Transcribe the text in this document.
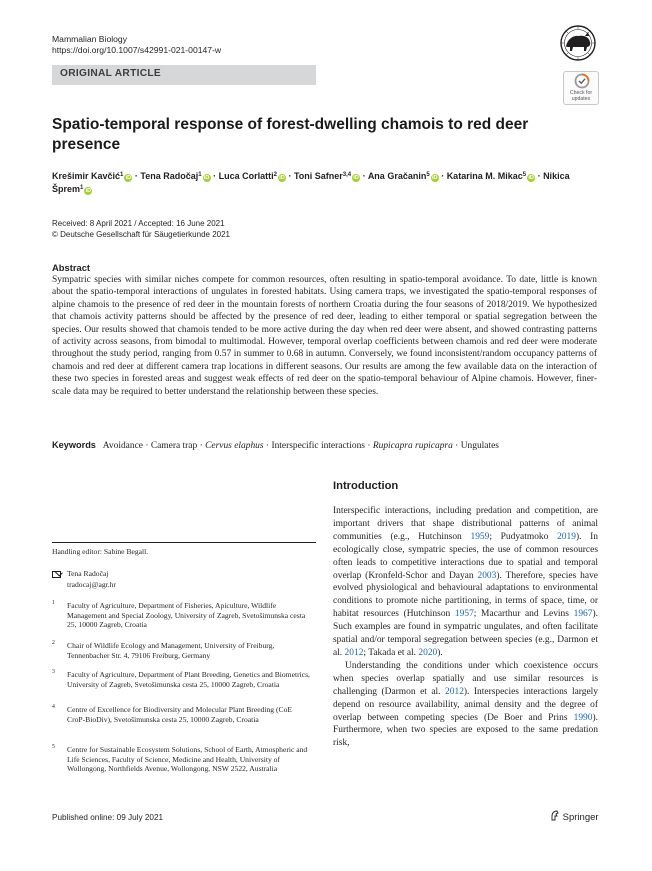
Mammalian Biology
https://doi.org/10.1007/s42991-021-00147-w
ORIGINAL ARTICLE
Check for updates
Spatio-temporal response of forest-dwelling chamois to red deer presence
Krešimir Kavčić$^1$ iD · Tena Radočaj$^1$ iD · Luca Corlatti$^2$ iD · Toni Safner$^{3,4}$ iD · Ana Gračanin$^5$ iD · Katarina M. Mikac$^5$ iD · Nikica Šprem$^1$ iD
Received: 8 April 2021 / Accepted: 16 June 2021
© Deutsche Gesellschaft für Säugetierkunde 2021
Abstract

Sympatric species with similar niches compete for common resources, often resulting in spatio-temporal avoidance. To date, little is known about the spatio-temporal interactions of ungulates in forested habitats. Using camera traps, we investigated the spatio-temporal responses of alpine chamois to the presence of red deer in the mountain forests of northern Croatia during the four seasons of 2018/2019. We hypothesized that chamois activity patterns should be affected by the presence of red deer, leading to either temporal or spatial segregation between the species. Our results showed that chamois tended to be more active during the day when red deer were absent, and showed contrasting patterns of activity across seasons, from bimodal to multimodal. However, temporal overlap coefficients between chamois and red deer were moderate throughout the study period, ranging from 0.57 in summer to 0.68 in autumn. Conversely, we found inconsistent/random occupancy patterns of chamois and red deer at different camera trap locations in different seasons. Our results are among the few available data on the interaction of these two species in forested areas and suggest weak effects of red deer on the spatio-temporal behaviour of Alpine chamois. However, finer-scale data may be required to better understand the relationship between these species.

Keywords Avoidance · Camera trap · Cervus elaphus · Interspecific interactions · Rupicapra rupicapra · Ungulates
Introduction

Interspecific interactions, including predation and competition, are important drivers that shape distributional patterns of animal communities (e.g., Hutchinson 1959; Pudyatmoko 2019). In ecologically close, sympatric species, the use of common resources often leads to competitive interactions due to spatial and temporal overlap (Kronfeld-Schor and Dayan 2003). Therefore, species have evolved physiological and behavioural adaptations to environmental conditions to promote niche partitioning, in terms of space, time, or habitat resources (Hutchinson 1957; Macarthur and Levins 1967). Such examples are found in sympatric ungulates, and often facilitate spatial and/or temporal segregation between species (e.g., Darmon et al. 2012; Takada et al. 2020).

Understanding the conditions under which coexistence occurs when species overlap spatially and use similar resources is challenging (Darmon et al. 2012). Interspecies interactions largely depend on resource availability, animal density and the degree of overlap between competing species (De Boer and Prins 1990). Furthermore, when two species are exposed to the same predation risk,

Handling editor: Sabine Begall.
Tena Radočaj
tradocaj@agr.hr
1 Faculty of Agriculture, Department of Fisheries, Apiculture, Wildlife Management and Special Zoology, University of Zagreb, Svetošimunska cesta 25, 10000 Zagreb, Croatia
2 Chair of Wildlife Ecology and Management, University of Freiburg, Tennenbacher Str. 4, 79106 Freiburg, Germany
3 Faculty of Agriculture, Department of Plant Breeding, Genetics and Biometrics, University of Zagreb, Svetošimunska cesta 25, 10000 Zagreb, Croatia
4 Centre of Excellence for Biodiversity and Molecular Plant Breeding (CoE CroP-BioDiv), Svetošimunska cesta 25, 10000 Zagreb, Croatia
5 Centre for Sustainable Ecosystem Solutions, School of Earth, Atmospheric and Life Sciences, Faculty of Science, Medicine and Health, University of Wollongong, Northfields Avenue, Wollongong, NSW 2522, Australia
Published online: 09 July 2021	Springer
